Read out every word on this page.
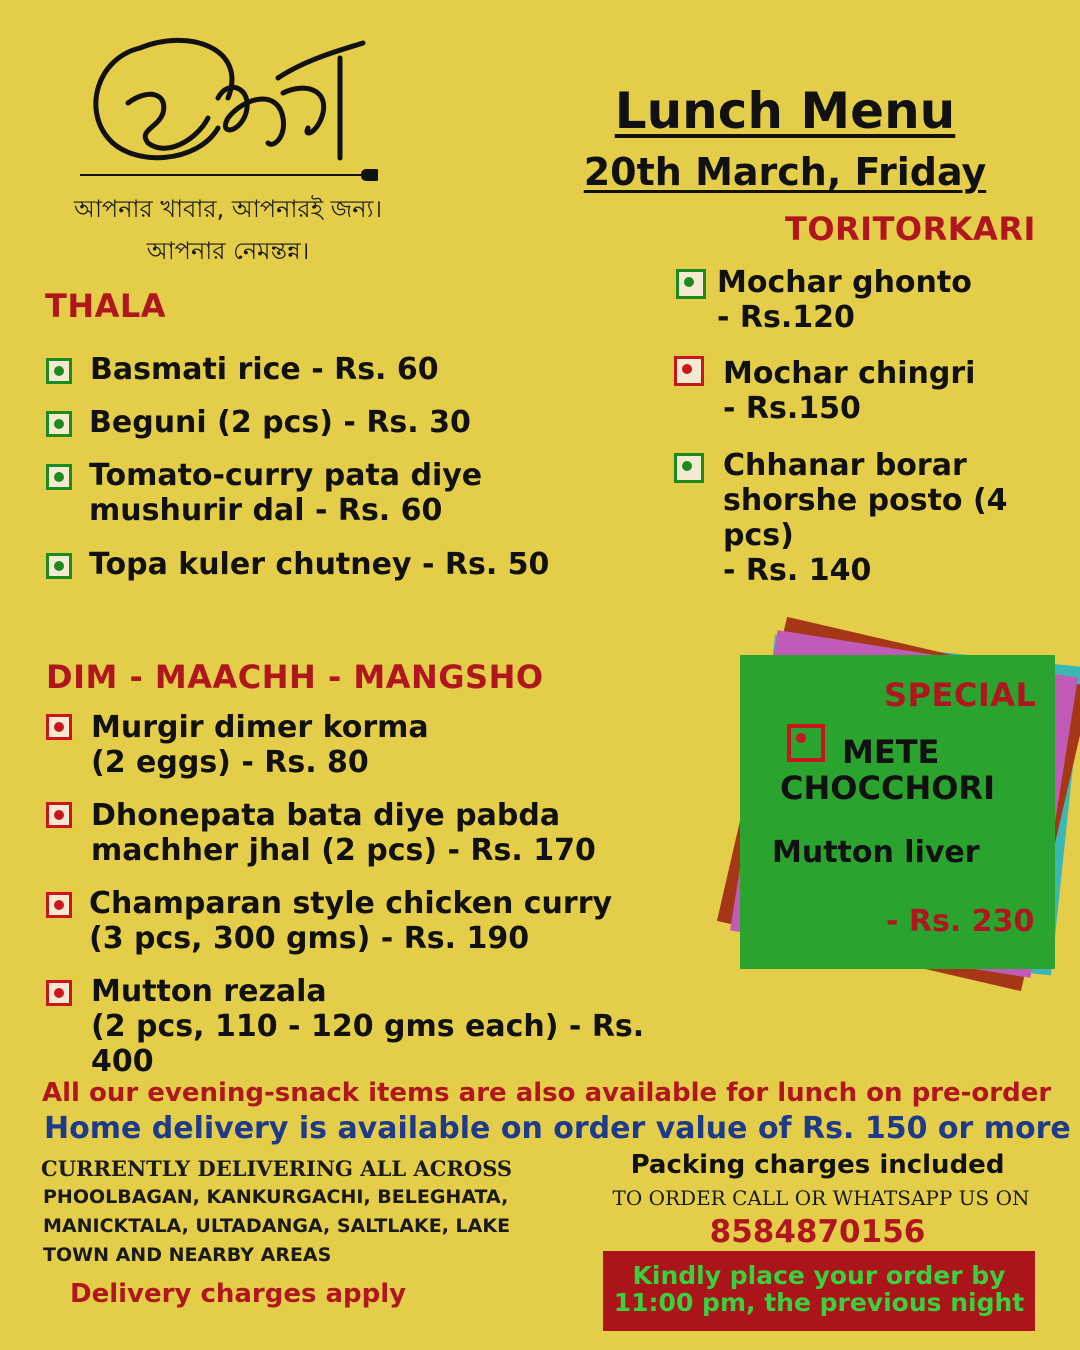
আপনার খাবার, আপনারই জন্য।
আপনার নেমন্তন্ন।
Lunch Menu
20th March, Friday
THALA
Basmati rice - Rs. 60
Beguni (2 pcs) - Rs. 30
Tomato-curry pata diye
mushurir dal - Rs. 60
Topa kuler chutney - Rs. 50
TORITORKARI
Mochar ghonto
- Rs.120
Mochar chingri
- Rs.150
Chhanar borar
shorshe posto (4 pcs)
- Rs. 140
DIM - MAACHH - MANGSHO
Murgir dimer korma
(2 eggs) - Rs. 80
Dhonepata bata diye pabda
machher jhal (2 pcs) - Rs. 170
Champaran style chicken curry
(3 pcs, 300 gms) - Rs. 190
Mutton rezala
(2 pcs, 110 - 120 gms each) - Rs. 400
SPECIAL
METE
CHOCCHORI
Mutton liver
- Rs. 230
All our evening-snack items are also available for lunch on pre-order
Home delivery is available on order value of Rs. 150 or more
CURRENTLY DELIVERING ALL ACROSS
PHOOLBAGAN, KANKURGACHI, BELEGHATA,
MANICKTALA, ULTADANGA, SALTLAKE, LAKE
TOWN AND NEARBY AREAS
Delivery charges apply
Packing charges included
TO ORDER CALL OR WHATSAPP US ON
8584870156
Kindly place your order by
11:00 pm, the previous night
